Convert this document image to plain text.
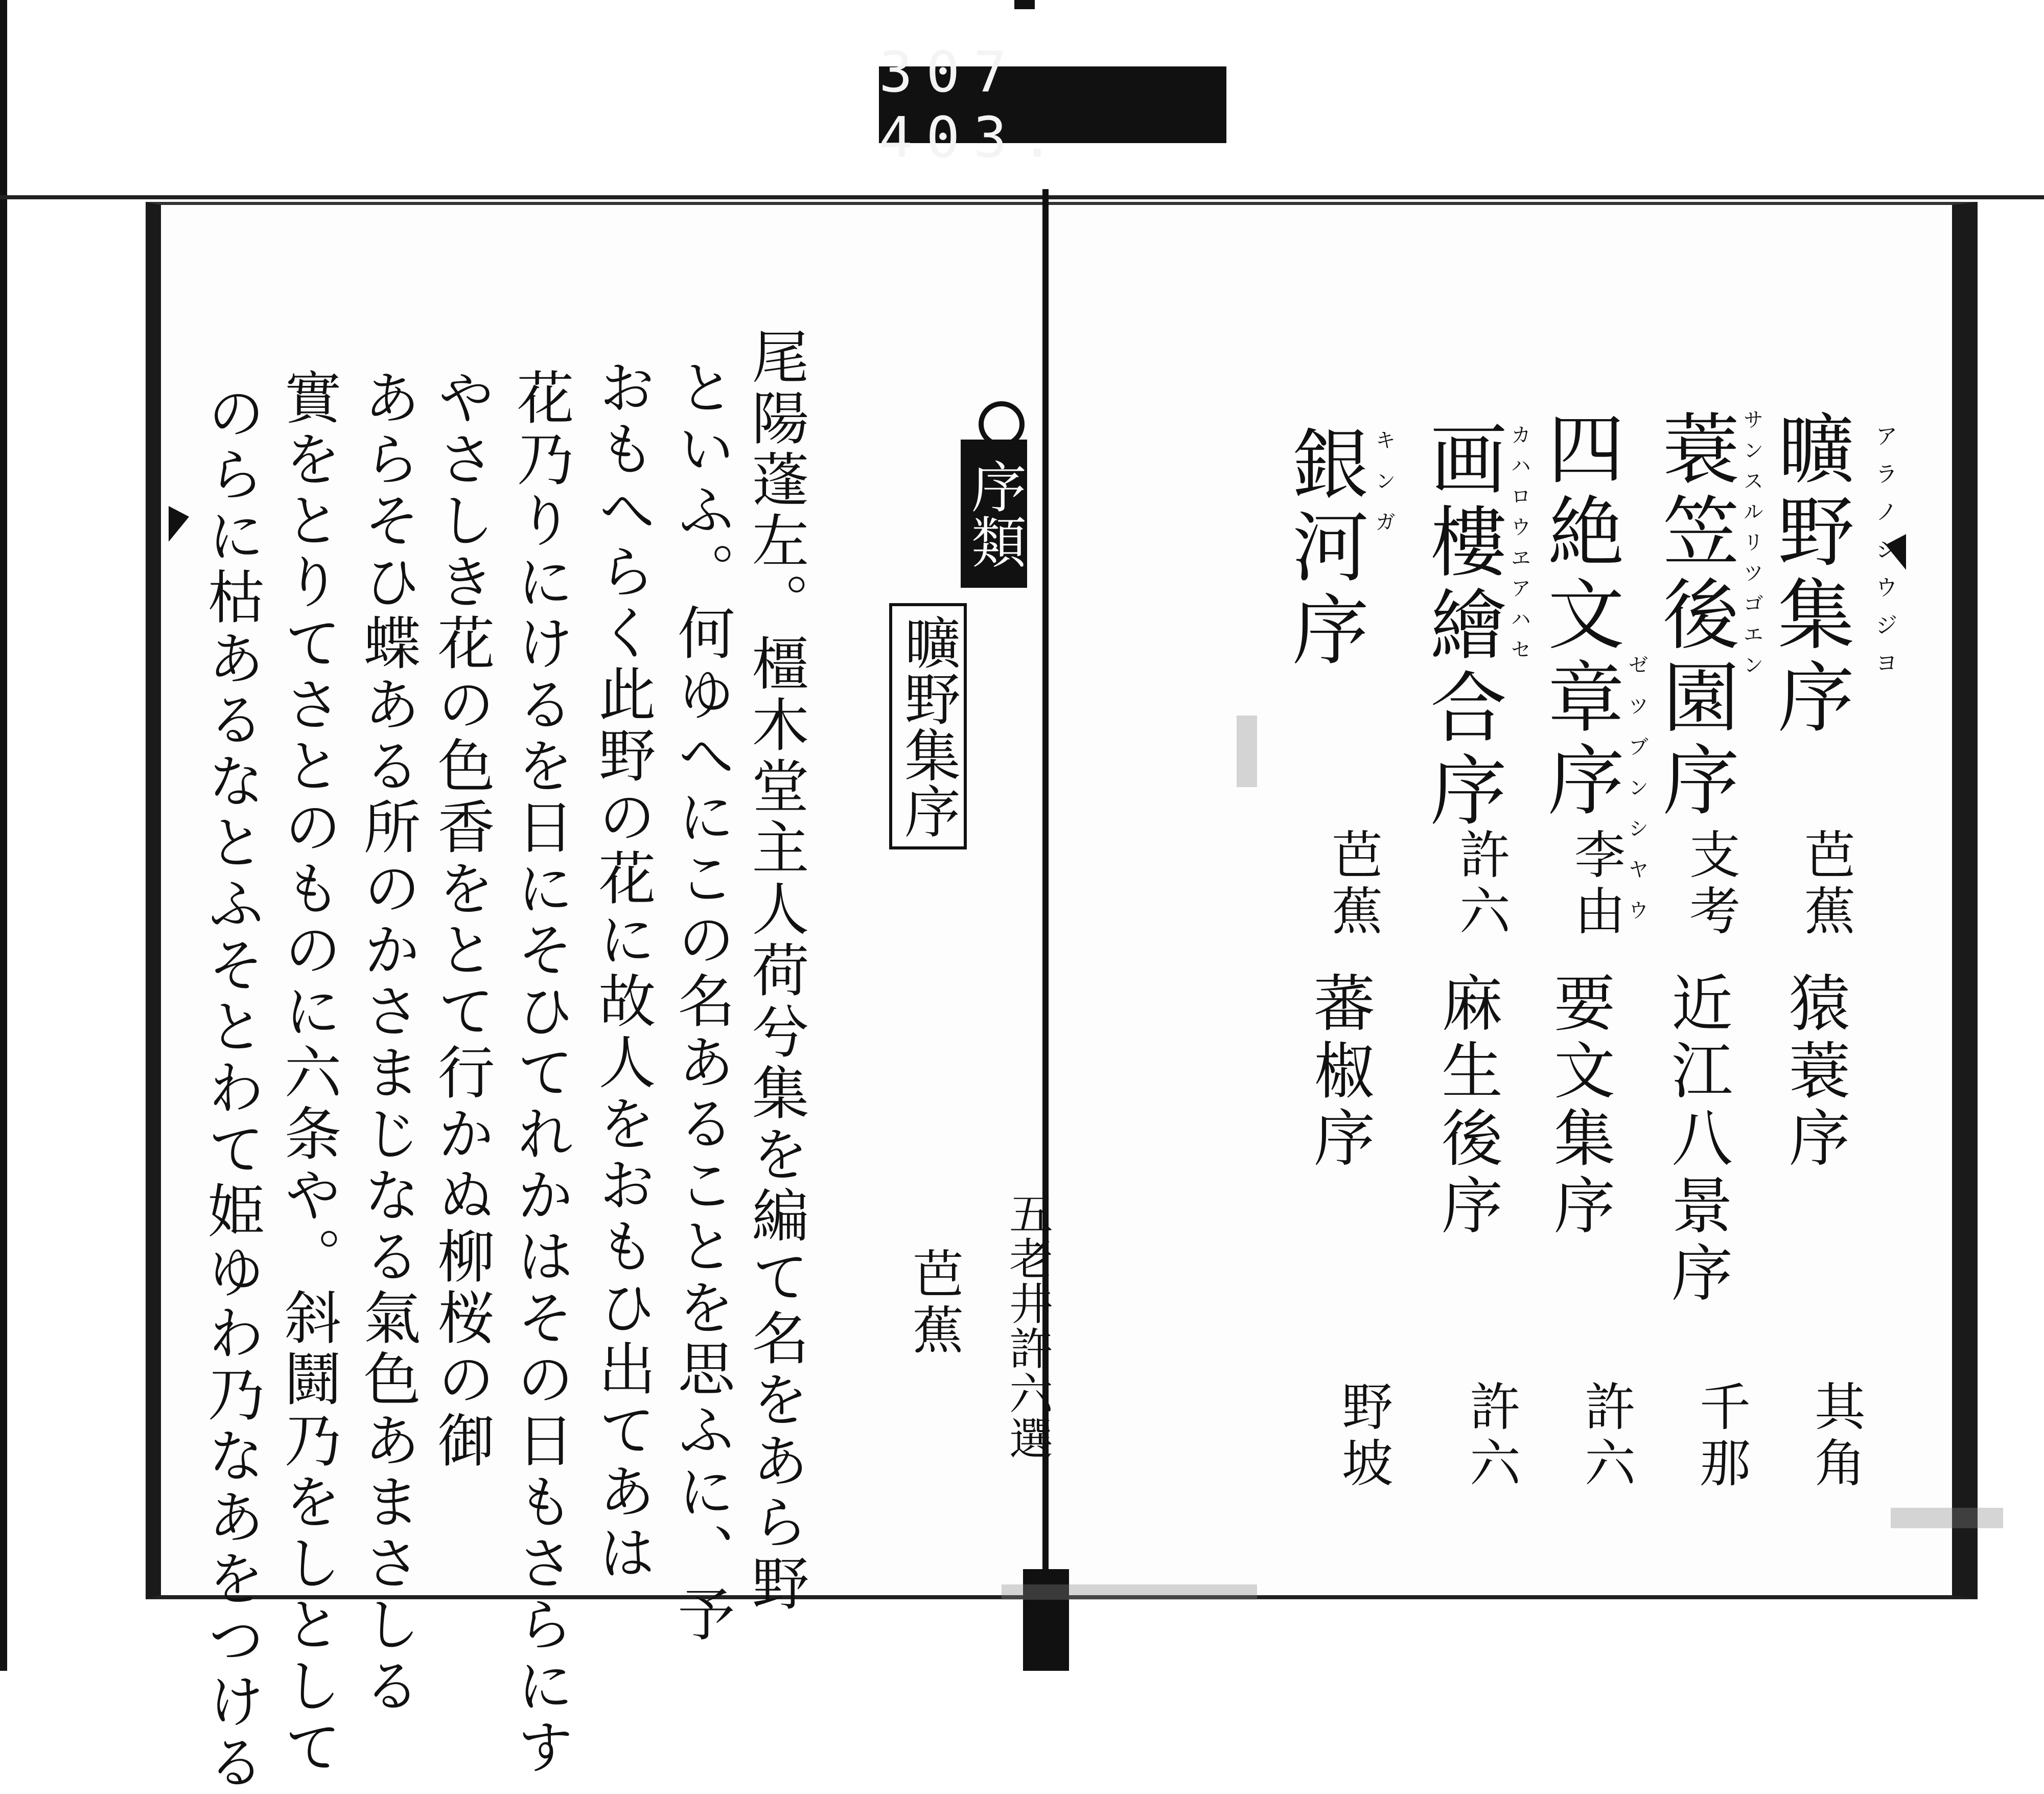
307 403.
序類
曠野集序
芭蕉 五老井許六選
尾陽蓬左。橿木堂主人荷兮集を編て名をあら野
といふ。何ゆへにこの名あることを思ふに、予
おもへらく此野の花に故人をおもひ出てあは
花乃りにけるを日にそひてれかはその日もさらにす
やさしき花の色香をとて行かぬ柳桜の御
あらそひ蝶ある所のかさまじなる氣色あまさしる
實をとりてさとのものに六条や。斜鬪乃をしとして
のらに枯あるなとふそとわて姫ゆわ乃なあをつける	曠野集序
蓑笠後園序
四絶文章序
画樓繪合序
銀河序	アラノシウジヨ
サンスルリツゴエン
ゼツブンシヤウ
カハロウヱアハセ
キンガ
芭蕉
猿蓑序
其角
支考
近江八景序
千那
李由
要文集序
許六
許六
麻生後序
許六
芭蕉
蕃椒序
野坡
